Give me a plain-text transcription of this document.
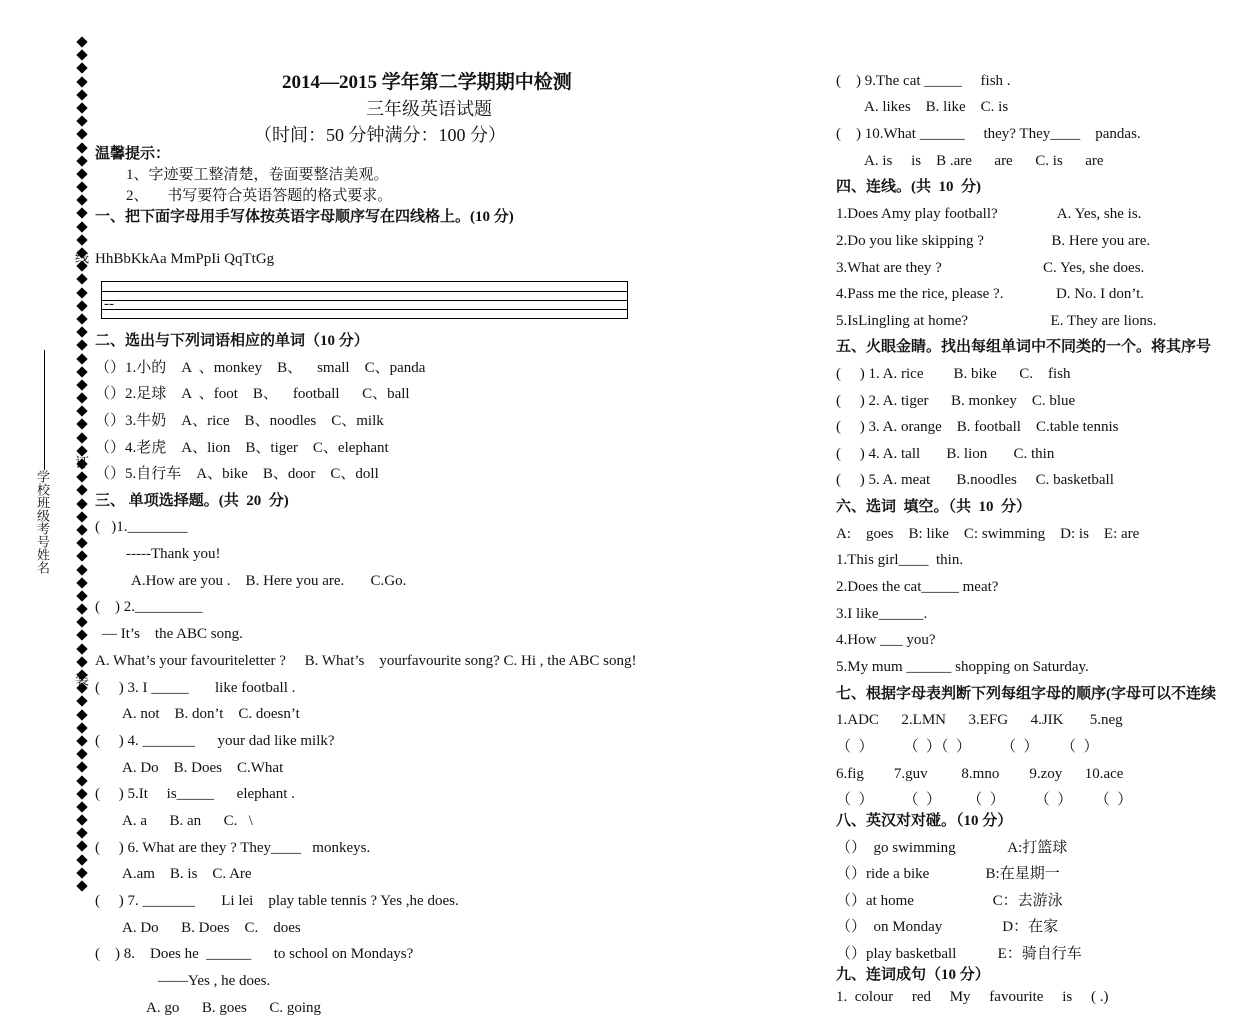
线
订
装
学校班级考号姓名
2014—2015 学年第二学期期中检测
三年级英语试题
（时间：50 分钟满分：100 分）
温馨提示：
1、字迹要工整清楚，卷面要整洁美观。
2、     书写要符合英语答题的格式要求。
一、把下面字母用手写体按英语字母顺序写在四线格上。(10 分)
HhBbKkAa MmPpIi QqTtGg
--
二、选出与下列词语相应的单词（10 分）
（）1.小的    A  、monkey    B、    small    C、panda
（）2.足球    A  、foot    B、    football      C、ball
（）3.牛奶    A、rice    B、noodles    C、milk
（）4.老虎    A、lion    B、tiger    C、elephant
（）5.自行车    A、bike    B、door    C、doll
三、 单项选择题。(共  20  分)
(   )1.________
-----Thank you!
A.How are you .    B. Here you are.       C.Go.
(    ) 2._________
— It’s    the ABC song.
A. What’s your favouriteletter ?     B. What’s    yourfavourite song? C. Hi , the ABC song!
(     ) 3. I _____       like football .
A. not    B. don’t    C. doesn’t
(     ) 4. _______      your dad like milk?
A. Do    B. Does    C.What
(     ) 5.It     is_____      elephant .
A. a      B. an      C.   \
(     ) 6. What are they ? They____   monkeys.
A.am    B. is    C. Are
(     ) 7. _______       Li lei    play table tennis ? Yes ,he does.
A. Do      B. Does    C.    does
(    ) 8.    Does he  ______      to school on Mondays?
——Yes , he does.
A. go      B. goes      C. going
(    ) 9.The cat _____     fish .
A. likes    B. like    C. is
(    ) 10.What ______     they? They____    pandas.
A. is     is    B .are      are      C. is      are
四、连线。(共  10  分)
1.Does Amy play football?                A. Yes, she is.
2.Do you like skipping ?                  B. Here you are.
3.What are they ?                           C. Yes, she does.
4.Pass me the rice, please ?.              D. No. I don’t.
5.IsLingling at home?                      E. They are lions.
五、火眼金睛。找出每组单词中不同类的一个。将其序号
(     ) 1. A. rice        B. bike      C.    fish
(     ) 2. A. tiger      B. monkey    C. blue
(     ) 3. A. orange    B. football    C.table tennis
(     ) 4. A. tall       B. lion       C. thin
(     ) 5. A. meat       B.noodles     C. basketball
六、选词  填空。（共  10  分）
A:    goes    B: like    C: swimming    D: is    E: are
1.This girl____  thin.
2.Does the cat_____ meat?
3.I like______.
4.How ___ you?
5.My mum ______ shopping on Saturday.
七、根据字母表判断下列每组字母的顺序(字母可以不连续
1.ADC      2.LMN      3.EFG      4.JIK       5.neg
（  ）        （  ）（  ）        （  ）      （  ）
6.fig        7.guv         8.mno        9.zoy      10.ace
（  ）        （  ）       （  ）        （  ）      （  ）
八、英汉对对碰。（10 分）
（）  go swimming              A:打篮球
（）ride a bike               B:在星期一
（）at home                     C：去游泳
（）  on Monday                D：在家
（）play basketball           E：骑自行车
九、连词成句（10 分）
1.  colour     red     My     favourite     is     ( .)
